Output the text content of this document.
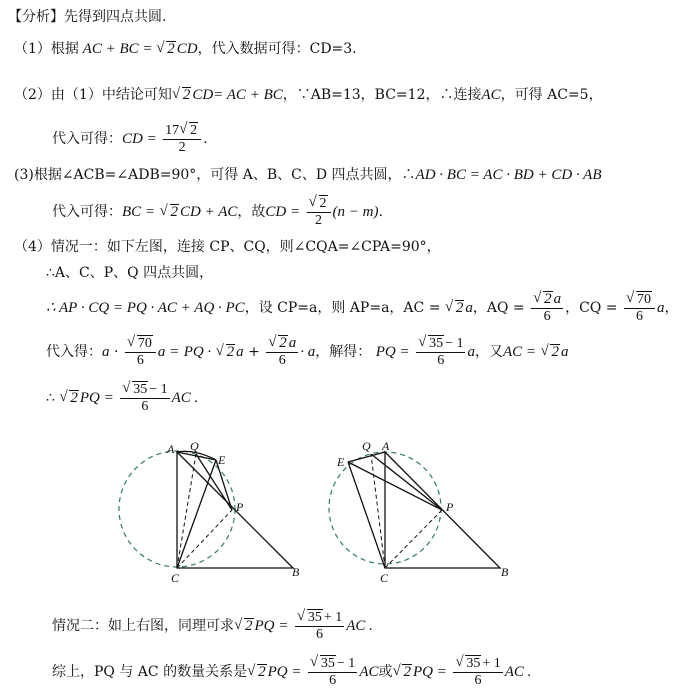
【分析】先得到四点共圆.
（1）根据 AC + BC = √ 2 CD，代入数据可得：CD=3.
（2）由（1）中结论可知 √ 2 CD= AC + BC，∵AB=13，BC=12，∴连接AC，可得 AC=5，
代入可得：CD = $\frac{17 √ 2}{2}$ .
(3)根据∠ACB=∠ADB=90°，可得 A、B、C、D 四点共圆，∴AD · BC = AC · BD + CD · AB
代入可得：BC = √ 2 CD + AC，故CD = √ $\frac{2}{2} (n - m)$.
（4）情况一：如下左图，连接 CP、CQ，则∠CQA=∠CPA=90°，
∴A、C、P、Q 四点共圆，
∴ AP · CQ = PQ · AC + AQ · PC，设 CP=a，则 AP=a，AC = √ 2 a，AQ = √ $\frac{2 a}{6}$ ，CQ = √ $\frac{70}{6}$ a，
代入得：a · √ $\frac{70}{6}$ a = PQ · √ 2 a + √ $\frac{2 a}{6} \cdot a$，解得： PQ = √ $\frac{35 - 1}{6}$ a，又AC = √ 2 a
∴ √ 2 PQ = √ $\frac{35 - 1}{6}$ AC .
A Q
E
P
C	B
Q A
E
P
C	B
情况二：如上右图，同理可求 √ 2 PQ = √ $\frac{35 + 1}{6}$ AC .
综上，PQ 与 AC 的数量关系是 √ 2 PQ = √ $\frac{35 - 1}{6}$ AC或 √ 2 PQ = √ $\frac{35 + 1}{6}$ AC .
